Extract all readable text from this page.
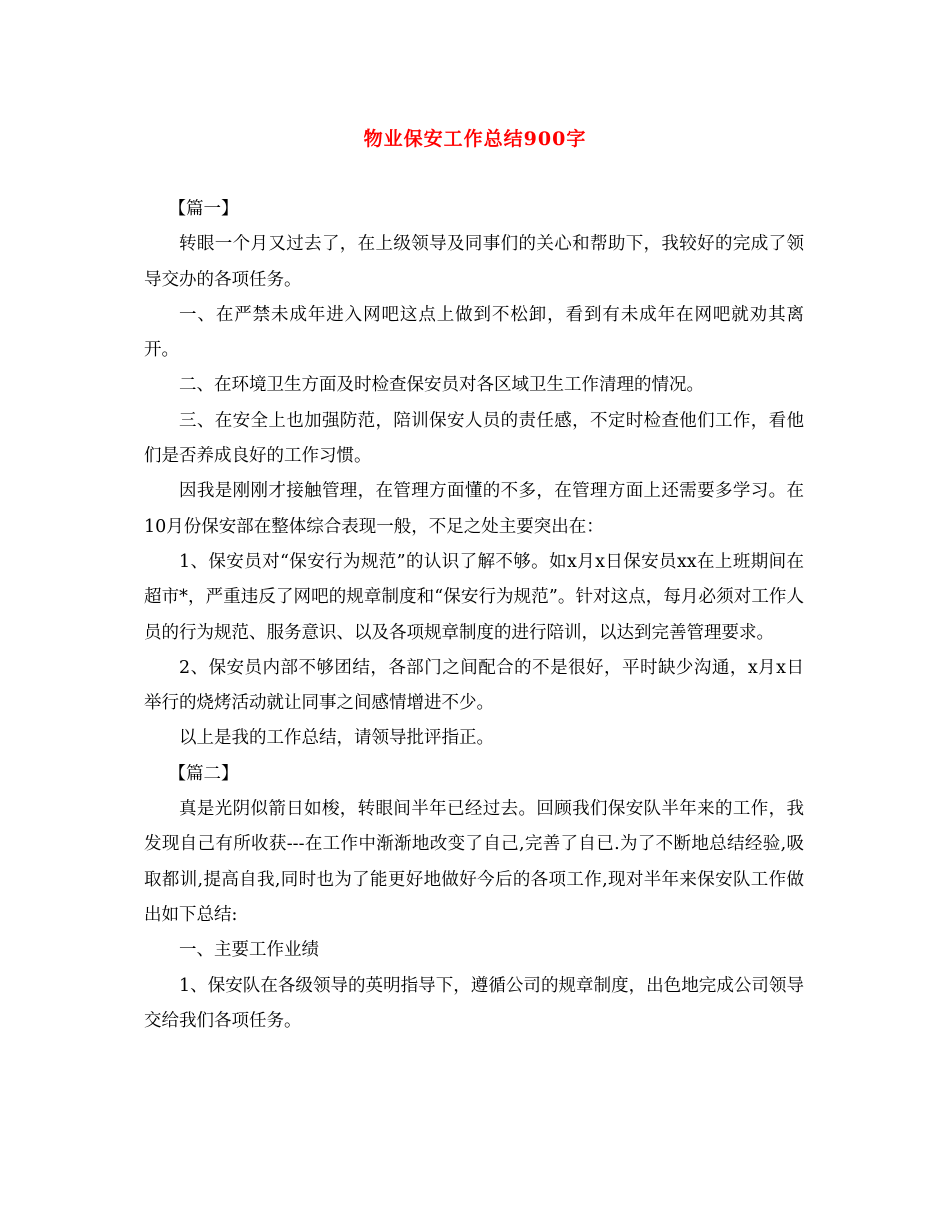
物业保安工作总结900字

【篇一】

转眼一个月又过去了，在上级领导及同事们的关心和帮助下，我较好的完成了领导交办的各项任务。

一、在严禁未成年进入网吧这点上做到不松卸，看到有未成年在网吧就劝其离开。

二、在环境卫生方面及时检查保安员对各区域卫生工作清理的情况。

三、在安全上也加强防范，陪训保安人员的责任感，不定时检查他们工作，看他们是否养成良好的工作习惯。

因我是刚刚才接触管理，在管理方面懂的不多，在管理方面上还需要多学习。在10月份保安部在整体综合表现一般，不足之处主要突出在：

1、保安员对“保安行为规范”的认识了解不够。如x月x日保安员xx在上班期间在超市*，严重违反了网吧的规章制度和“保安行为规范”。针对这点，每月必须对工作人员的行为规范、服务意识、以及各项规章制度的进行陪训，以达到完善管理要求。

2、保安员内部不够团结，各部门之间配合的不是很好，平时缺少沟通，x月x日举行的烧烤活动就让同事之间感情增进不少。

以上是我的工作总结，请领导批评指正。

【篇二】

真是光阴似箭日如梭，转眼间半年已经过去。回顾我们保安队半年来的工作，我发现自己有所收获---在工作中渐渐地改变了自己,完善了自已.为了不断地总结经验,吸取都训,提高自我,同时也为了能更好地做好今后的各项工作,现对半年来保安队工作做出如下总结:

一、主要工作业绩

1、保安队在各级领导的英明指导下，遵循公司的规章制度，出色地完成公司领导交给我们各项任务。
